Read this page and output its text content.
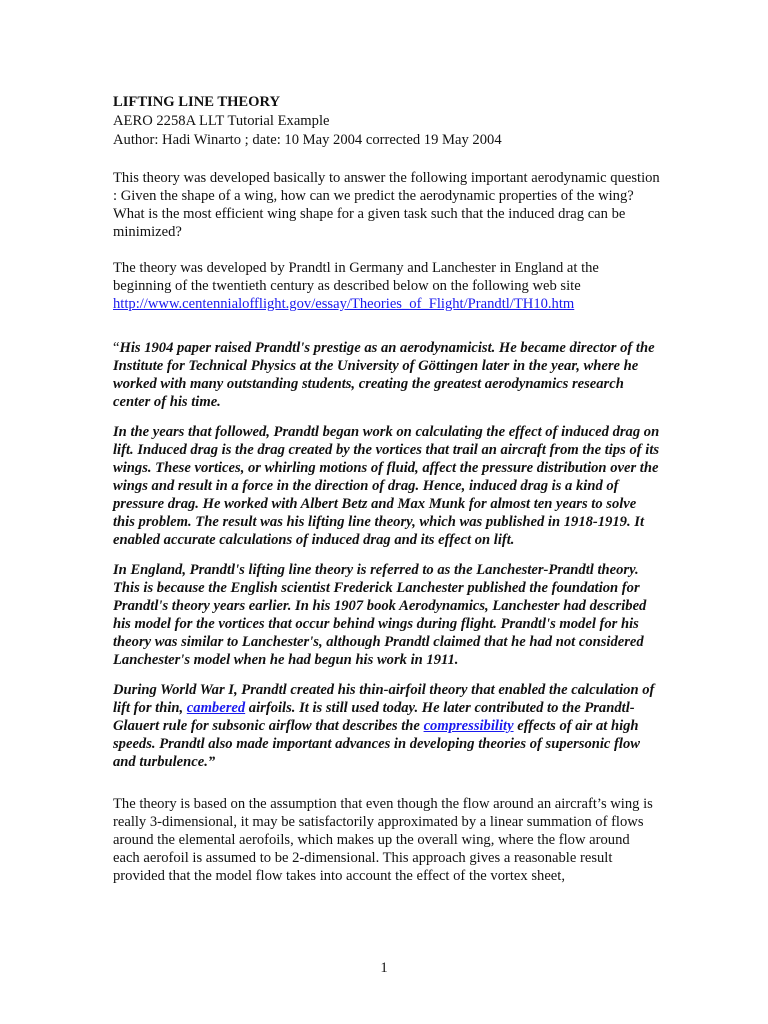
LIFTING LINE THEORY
AERO 2258A LLT Tutorial Example
Author: Hadi Winarto ; date: 10 May 2004 corrected 19 May 2004

This theory was developed basically to answer the following important aerodynamic question : Given the shape of a wing, how can we predict the aerodynamic properties of the wing? What is the most efficient wing shape for a given task such that the induced drag can be minimized?

The theory was developed by Prandtl in Germany and Lanchester in England at the beginning of the twentieth century as described below on the following web site
http://www.centennialofflight.gov/essay/Theories_of_Flight/Prandtl/TH10.htm

“His 1904 paper raised Prandtl's prestige as an aerodynamicist. He became director of the Institute for Technical Physics at the University of Göttingen later in the year, where he worked with many outstanding students, creating the greatest aerodynamics research center of his time.

In the years that followed, Prandtl began work on calculating the effect of induced drag on lift. Induced drag is the drag created by the vortices that trail an aircraft from the tips of its wings. These vortices, or whirling motions of fluid, affect the pressure distribution over the wings and result in a force in the direction of drag. Hence, induced drag is a kind of pressure drag. He worked with Albert Betz and Max Munk for almost ten years to solve this problem. The result was his lifting line theory, which was published in 1918-1919. It enabled accurate calculations of induced drag and its effect on lift.

In England, Prandtl's lifting line theory is referred to as the Lanchester-Prandtl theory. This is because the English scientist Frederick Lanchester published the foundation for Prandtl's theory years earlier. In his 1907 book Aerodynamics, Lanchester had described his model for the vortices that occur behind wings during flight. Prandtl's model for his theory was similar to Lanchester's, although Prandtl claimed that he had not considered Lanchester's model when he had begun his work in 1911.

During World War I, Prandtl created his thin-airfoil theory that enabled the calculation of lift for thin, cambered airfoils. It is still used today. He later contributed to the Prandtl-Glauert rule for subsonic airflow that describes the compressibility effects of air at high speeds. Prandtl also made important advances in developing theories of supersonic flow and turbulence.”

The theory is based on the assumption that even though the flow around an aircraft’s wing is really 3-dimensional, it may be satisfactorily approximated by a linear summation of flows around the elemental aerofoils, which makes up the overall wing, where the flow around each aerofoil is assumed to be 2-dimensional. This approach gives a reasonable result provided that the model flow takes into account the effect of the vortex sheet,

1
